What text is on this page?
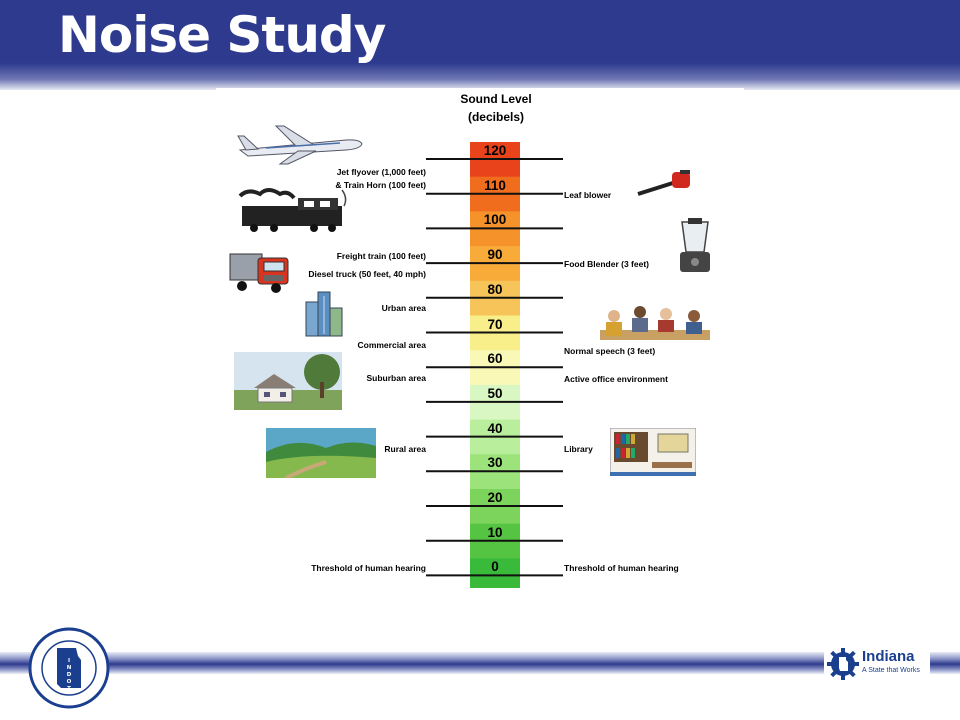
Noise Study
Sound Level
(decibels)
120
110
100
90
80
70
60
50
40
30
20
10
0
Jet flyover (1,000 feet)
& Train Horn (100 feet)
Freight train (100 feet)
Diesel truck (50 feet, 40 mph)
Urban area
Commercial area
Suburban area
Rural area
Threshold of human hearing
Leaf blower
Food Blender (3 feet)
Normal speech (3 feet)
Active office environment
Library
Threshold of human hearing
I
N
D
O
T
Indiana
A State that Works
